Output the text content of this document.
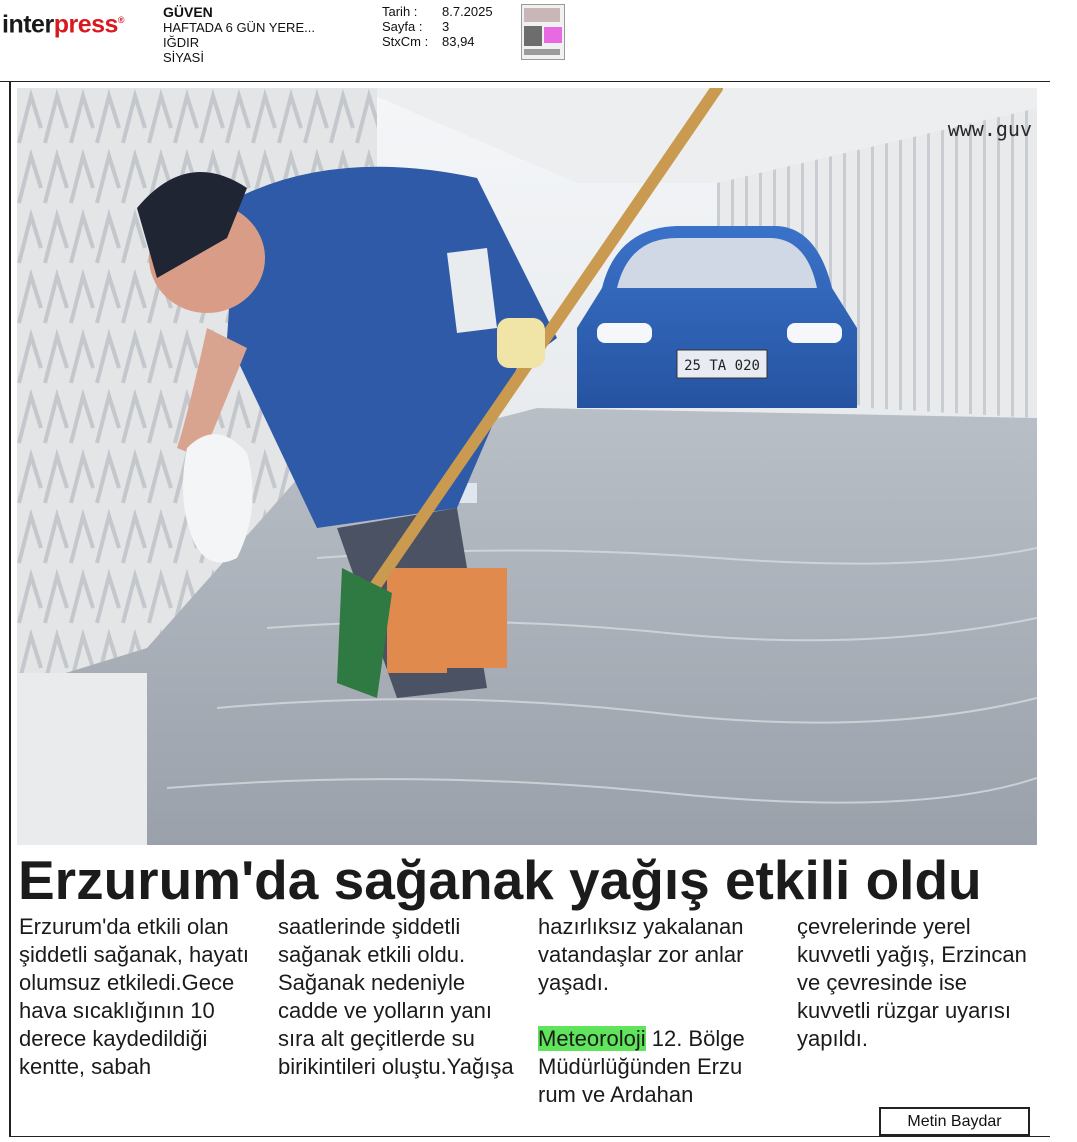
interpress®	GÜVEN
HAFTADA 6 GÜN YERE...
IĞDIR
SİYASİ
Tarih :	8.7.2025
Sayfa :	3
StxCm :	83,94
25 TA 020
www.guv
Erzurum'da sağanak yağış etkili oldu

Erzurum'da etkili olan şiddetli sağanak, hayatı olumsuz etkiledi.Gece hava sıcaklığının 10 derece kaydedildiği kentte, sabah

saatlerinde şiddetli sağanak etkili oldu. Sağanak nedeniyle cadde ve yolların yanı sıra alt geçitlerde su birikintileri oluştu.Yağışa

hazırlıksız yakalanan vatandaşlar zor anlar yaşadı.

Meteoroloji 12. Bölge Müdürlüğünden Erzu rum ve Ardahan

çevrelerinde yerel kuvvetli yağış, Erzincan ve çevresinde ise kuvvetli rüzgar uyarısı yapıldı.

Metin Baydar
